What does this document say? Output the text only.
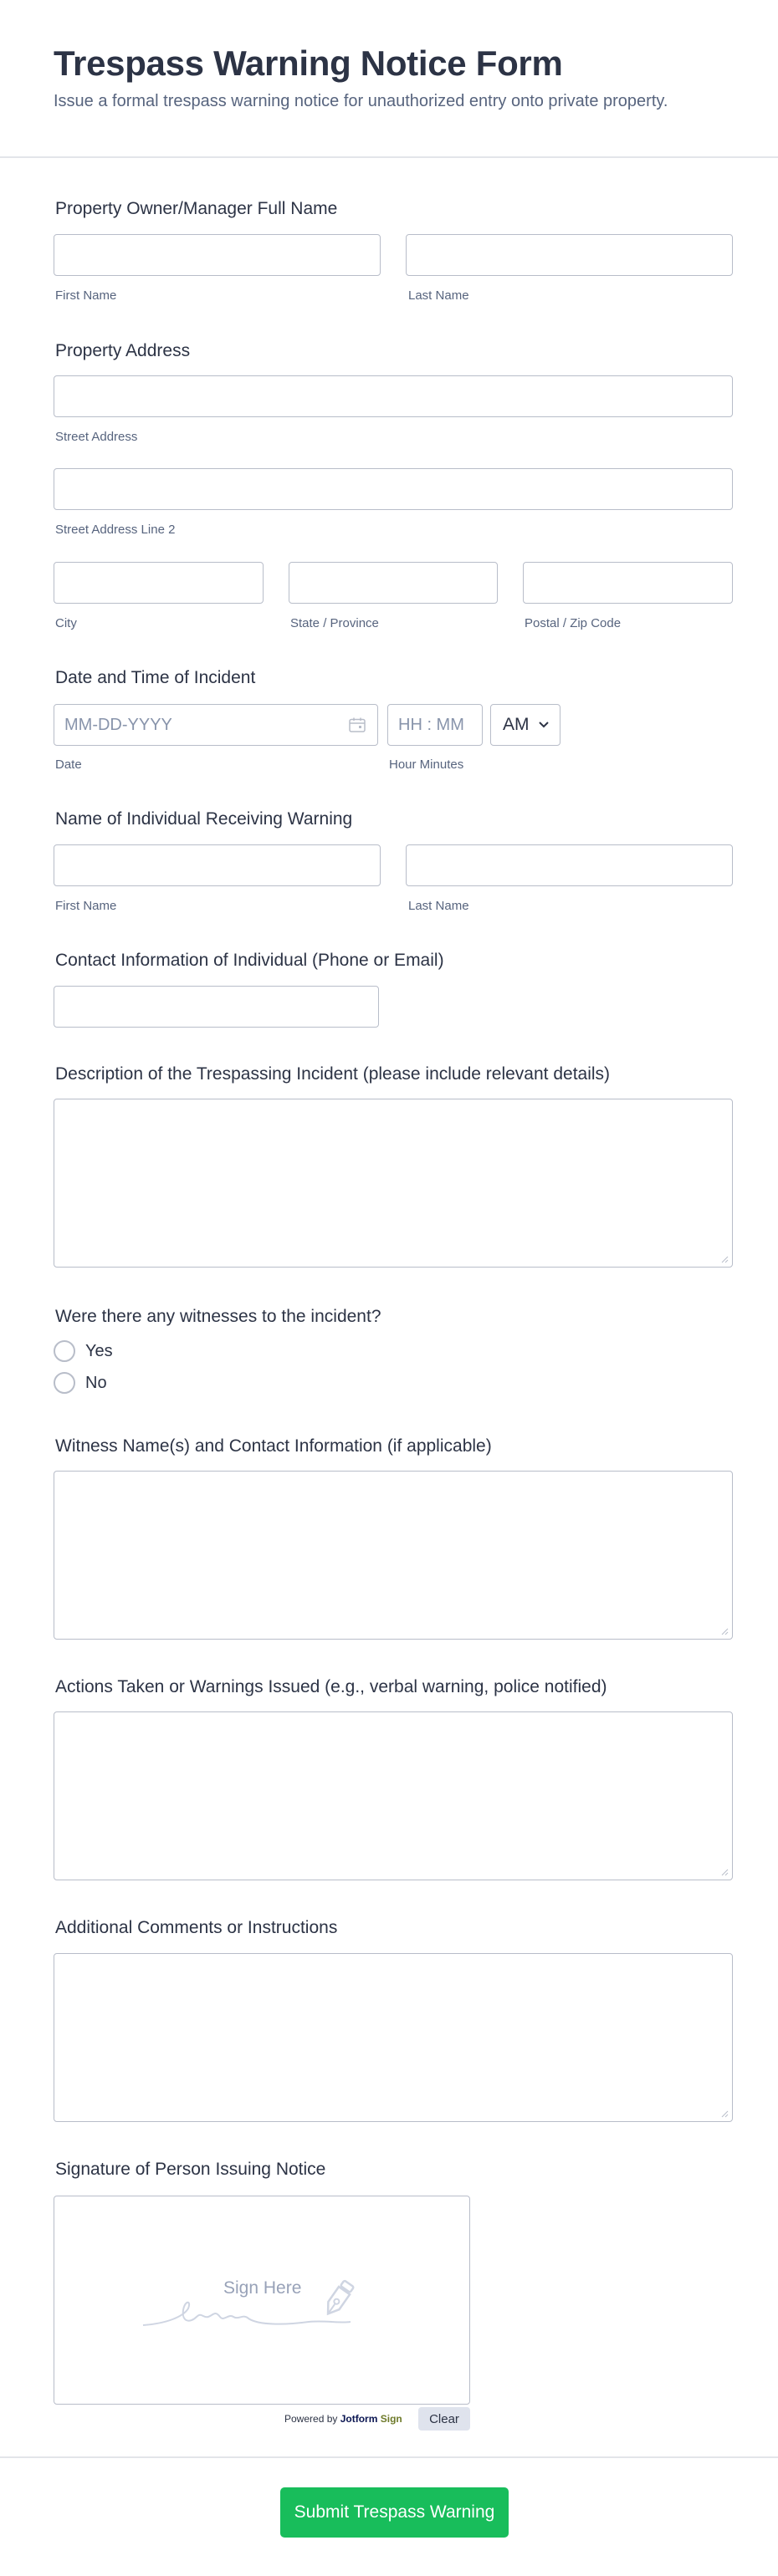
Trespass Warning Notice Form
Issue a formal trespass warning notice for unauthorized entry onto private property.
Property Owner/Manager Full Name
First Name	Last Name
Property Address
Street Address
Street Address Line 2
City	State / Province	Postal / Zip Code
Date and Time of Incident
MM-DD-YYYY	HH : MM AM
Date	Hour Minutes
Name of Individual Receiving Warning
First Name	Last Name
Contact Information of Individual (Phone or Email)
Description of the Trespassing Incident (please include relevant details)
Were there any witnesses to the incident?
Yes
No
Witness Name(s) and Contact Information (if applicable)
Actions Taken or Warnings Issued (e.g., verbal warning, police notified)
Additional Comments or Instructions
Signature of Person Issuing Notice
Sign Here
Powered by Jotform Sign	Clear
Submit Trespass Warning
